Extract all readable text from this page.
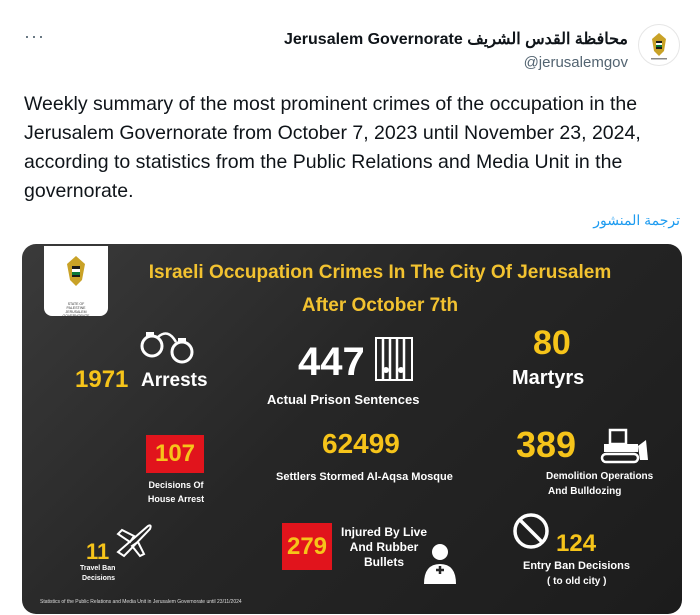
···	Jerusalem Governorate محافظة القدس الشريف
@jerusalemgov
Weekly summary of the most prominent crimes of the occupation in the Jerusalem Governorate from October 7, 2023 until November 23, 2024, according to statistics from the Public Relations and Media Unit in the governorate.
ترجمة المنشور
STATE OF PALESTINE JERUSALEM GOVERNORATE
Israeli Occupation Crimes In The City Of Jerusalem
After October 7th
1971 Arrests 447
Actual Prison Sentences
80
Martyrs
107
Decisions Of
House Arrest
62499
Settlers Stormed Al-Aqsa Mosque
389
Demolition Operations
And Bulldozing
11
Travel Ban
Decisions
279
Injured By Live
And Rubber
Bullets
124
Entry Ban Decisions
( to old city )
Statistics of the Public Relations and Media Unit in Jerusalem Governorate until 23/11/2024
